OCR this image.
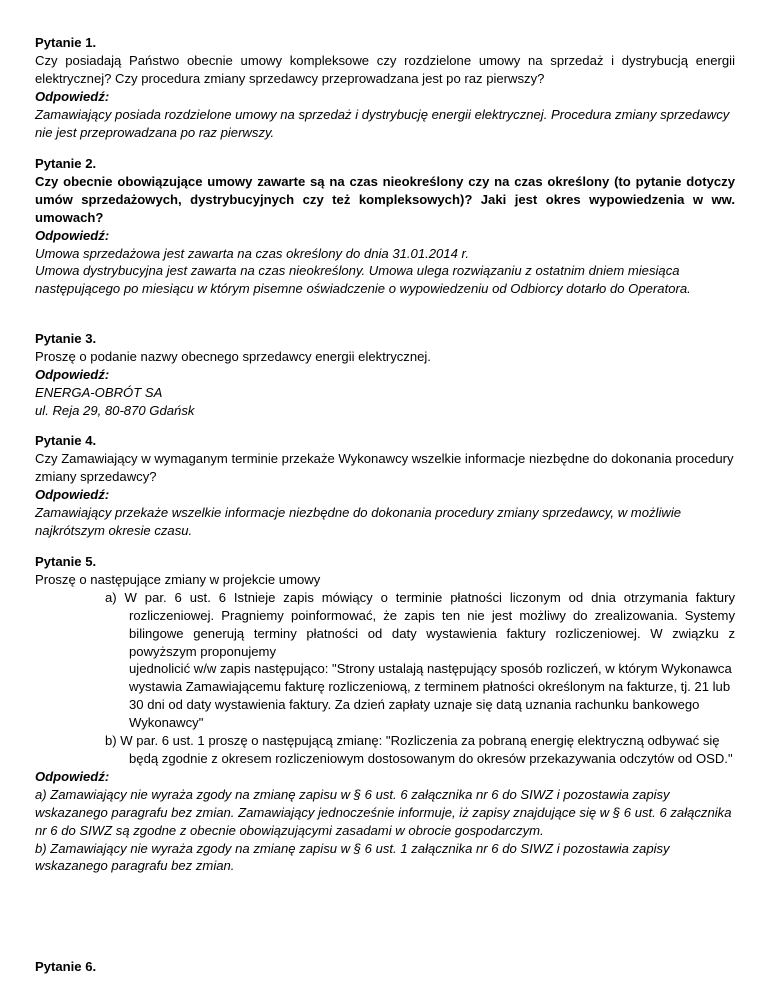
Pytanie 1.
Czy posiadają Państwo obecnie umowy kompleksowe czy rozdzielone umowy na sprzedaż i dystrybucją energii elektrycznej? Czy procedura zmiany sprzedawcy przeprowadzana jest po raz pierwszy?
Odpowiedź:
Zamawiający posiada rozdzielone umowy na sprzedaż i dystrybucję energii elektrycznej. Procedura zmiany sprzedawcy nie jest przeprowadzana po raz pierwszy.
Pytanie 2.
Czy obecnie obowiązujące umowy zawarte są na czas nieokreślony czy na czas określony (to pytanie dotyczy umów sprzedażowych, dystrybucyjnych czy też kompleksowych)? Jaki jest okres wypowiedzenia w ww. umowach?
Odpowiedź:
Umowa sprzedażowa jest zawarta na czas określony do dnia 31.01.2014 r.
Umowa dystrybucyjna jest zawarta na czas nieokreślony. Umowa ulega rozwiązaniu z ostatnim dniem miesiąca następującego po miesiącu w którym pisemne oświadczenie o wypowiedzeniu od Odbiorcy dotarło do Operatora.
Pytanie 3.
Proszę o podanie nazwy obecnego sprzedawcy energii elektrycznej.
Odpowiedź:
ENERGA-OBRÓT SA
ul. Reja 29, 80-870 Gdańsk
Pytanie 4.
Czy Zamawiający w wymaganym terminie przekaże Wykonawcy wszelkie informacje niezbędne do dokonania procedury zmiany sprzedawcy?
Odpowiedź:
Zamawiający przekaże wszelkie informacje niezbędne do dokonania procedury zmiany sprzedawcy, w możliwie najkrótszym okresie czasu.
Pytanie 5.
Proszę o następujące zmiany w projekcie umowy
a) W par. 6 ust. 6 Istnieje zapis mówiący o terminie płatności liczonym od dnia otrzymania faktury rozliczeniowej. Pragniemy poinformować, że zapis ten nie jest możliwy do zrealizowania. Systemy bilingowe generują terminy płatności od daty wystawienia faktury rozliczeniowej. W związku z powyższym proponujemy
ujednolicić w/w zapis następująco: "Strony ustalają następujący sposób rozliczeń, w którym Wykonawca wystawia Zamawiającemu fakturę rozliczeniową, z terminem płatności określonym na fakturze, tj. 21 lub 30 dni od daty wystawienia faktury. Za dzień zapłaty uznaje się datą uznania rachunku bankowego Wykonawcy"
b) W par. 6 ust. 1 proszę o następującą zmianę: "Rozliczenia za pobraną energię elektryczną odbywać się będą zgodnie z okresem rozliczeniowym dostosowanym do okresów przekazywania odczytów od OSD."
Odpowiedź:
a) Zamawiający nie wyraża zgody na zmianę zapisu w § 6 ust. 6 załącznika nr 6 do SIWZ i pozostawia zapisy wskazanego paragrafu bez zmian. Zamawiający jednocześnie informuje, iż zapisy znajdujące się w § 6 ust. 6 załącznika nr 6 do SIWZ są zgodne z obecnie obowiązującymi zasadami w obrocie gospodarczym.
b) Zamawiający nie wyraża zgody na zmianę zapisu w § 6 ust. 1 załącznika nr 6 do SIWZ i pozostawia zapisy wskazanego paragrafu bez zmian.
Pytanie 6.
